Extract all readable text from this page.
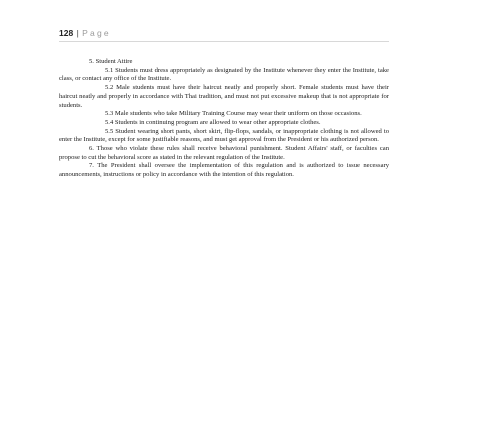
128 | Page

5. Student Attire

5.1 Students must dress appropriately as designated by the Institute whenever they enter the Institute, take class, or contact any office of the Institute.

5.2 Male students must have their haircut neatly and properly short. Female students must have their haircut neatly and properly in accordance with Thai tradition, and must not put excessive makeup that is not appropriate for students.

5.3 Male students who take Military Training Course may wear their uniform on those occasions.

5.4 Students in continuing program are allowed to wear other appropriate clothes.

5.5 Student wearing short pants, short skirt, flip-flops, sandals, or inappropriate clothing is not allowed to enter the Institute, except for some justifiable reasons, and must get approval from the President or his authorized person.

6. Those who violate these rules shall receive behavioral punishment. Student Affairs' staff, or faculties can propose to cut the behavioral score as stated in the relevant regulation of the Institute.

7. The President shall oversee the implementation of this regulation and is authorized to issue necessary announcements, instructions or policy in accordance with the intention of this regulation.
